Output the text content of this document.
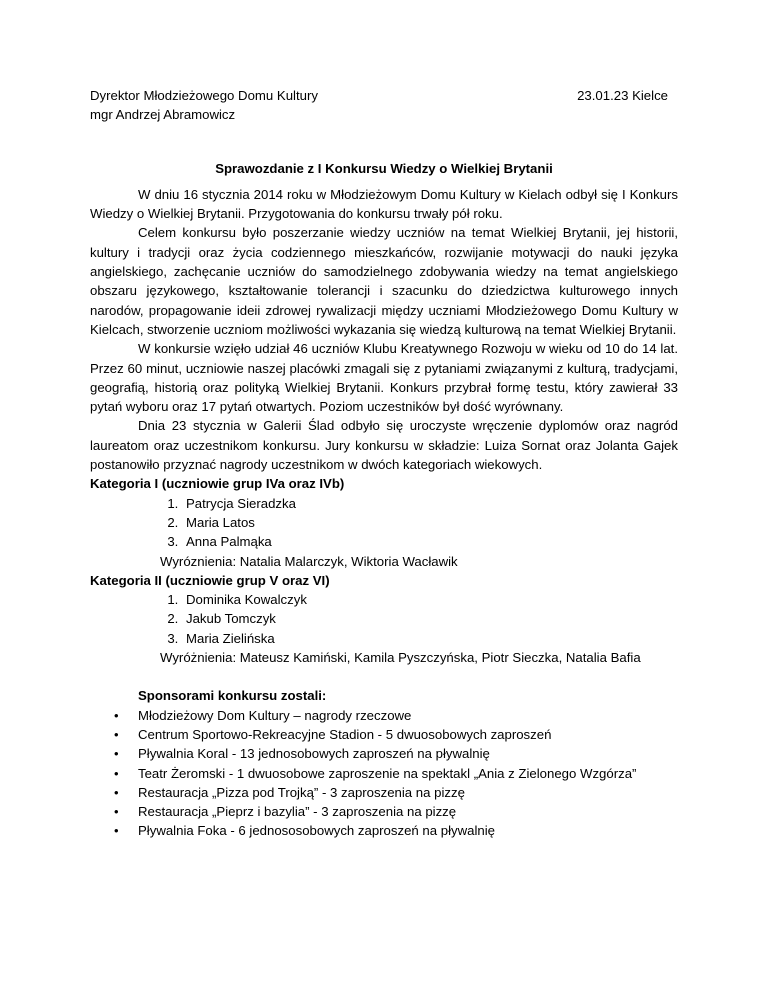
Dyrektor Młodzieżowego Domu Kultury
mgr Andrzej Abramowicz
23.01.23 Kielce
Sprawozdanie z I Konkursu Wiedzy o Wielkiej Brytanii

W dniu 16 stycznia 2014 roku w Młodzieżowym Domu Kultury w Kielach odbył się I Konkurs Wiedzy o Wielkiej Brytanii. Przygotowania do konkursu trwały pół roku.

Celem konkursu było poszerzanie wiedzy uczniów na temat Wielkiej Brytanii, jej historii, kultury i tradycji oraz życia codziennego mieszkańców, rozwijanie motywacji do nauki języka angielskiego, zachęcanie uczniów do samodzielnego zdobywania wiedzy na temat angielskiego obszaru językowego, kształtowanie tolerancji i szacunku do dziedzictwa kulturowego innych narodów, propagowanie ideii zdrowej rywalizacji między uczniami Młodzieżowego Domu Kultury w Kielcach, stworzenie uczniom możliwości wykazania się wiedzą kulturową na temat Wielkiej Brytanii.

W konkursie wzięło udział 46 uczniów Klubu Kreatywnego Rozwoju w wieku od 10 do 14 lat. Przez 60 minut, uczniowie naszej placówki zmagali się z pytaniami związanymi z kulturą, tradycjami, geografią, historią oraz polityką Wielkiej Brytanii. Konkurs przybrał formę testu, który zawierał 33 pytań wyboru oraz 17 pytań otwartych. Poziom uczestników był dość wyrównany.

Dnia 23 stycznia w Galerii Ślad odbyło się uroczyste wręczenie dyplomów oraz nagród laureatom oraz uczestnikom konkursu. Jury konkursu w składzie: Luiza Sornat oraz Jolanta Gajek postanowiło przyznać nagrody uczestnikom w dwóch kategoriach wiekowych.

Kategoria I (uczniowie grup IVa oraz IVb)
1. Patrycja Sieradzka
2. Maria Latos
3. Anna Palmąka
Wyróznienia: Natalia Malarczyk, Wiktoria Wacławik
Kategoria II (uczniowie grup V oraz VI)
1. Dominika Kowalczyk
2. Jakub Tomczyk
3. Maria Zielińska
Wyróżnienia: Mateusz Kamiński, Kamila Pyszczyńska, Piotr Sieczka, Natalia Bafia
Sponsorami konkursu zostali:
• Młodzieżowy Dom Kultury – nagrody rzeczowe
• Centrum Sportowo-Rekreacyjne Stadion - 5 dwuosobowych zaproszeń
• Pływalnia Koral - 13 jednosobowych zaproszeń na pływalnię
• Teatr Żeromski - 1 dwuosobowe zaproszenie na spektakl „Ania z Zielonego Wzgórza”
• Restauracja „Pizza pod Trojką” - 3 zaproszenia na pizzę
• Restauracja „Pieprz i bazylia” - 3 zaproszenia na pizzę
• Pływalnia Foka - 6 jednososobowych zaproszeń na pływalnię
